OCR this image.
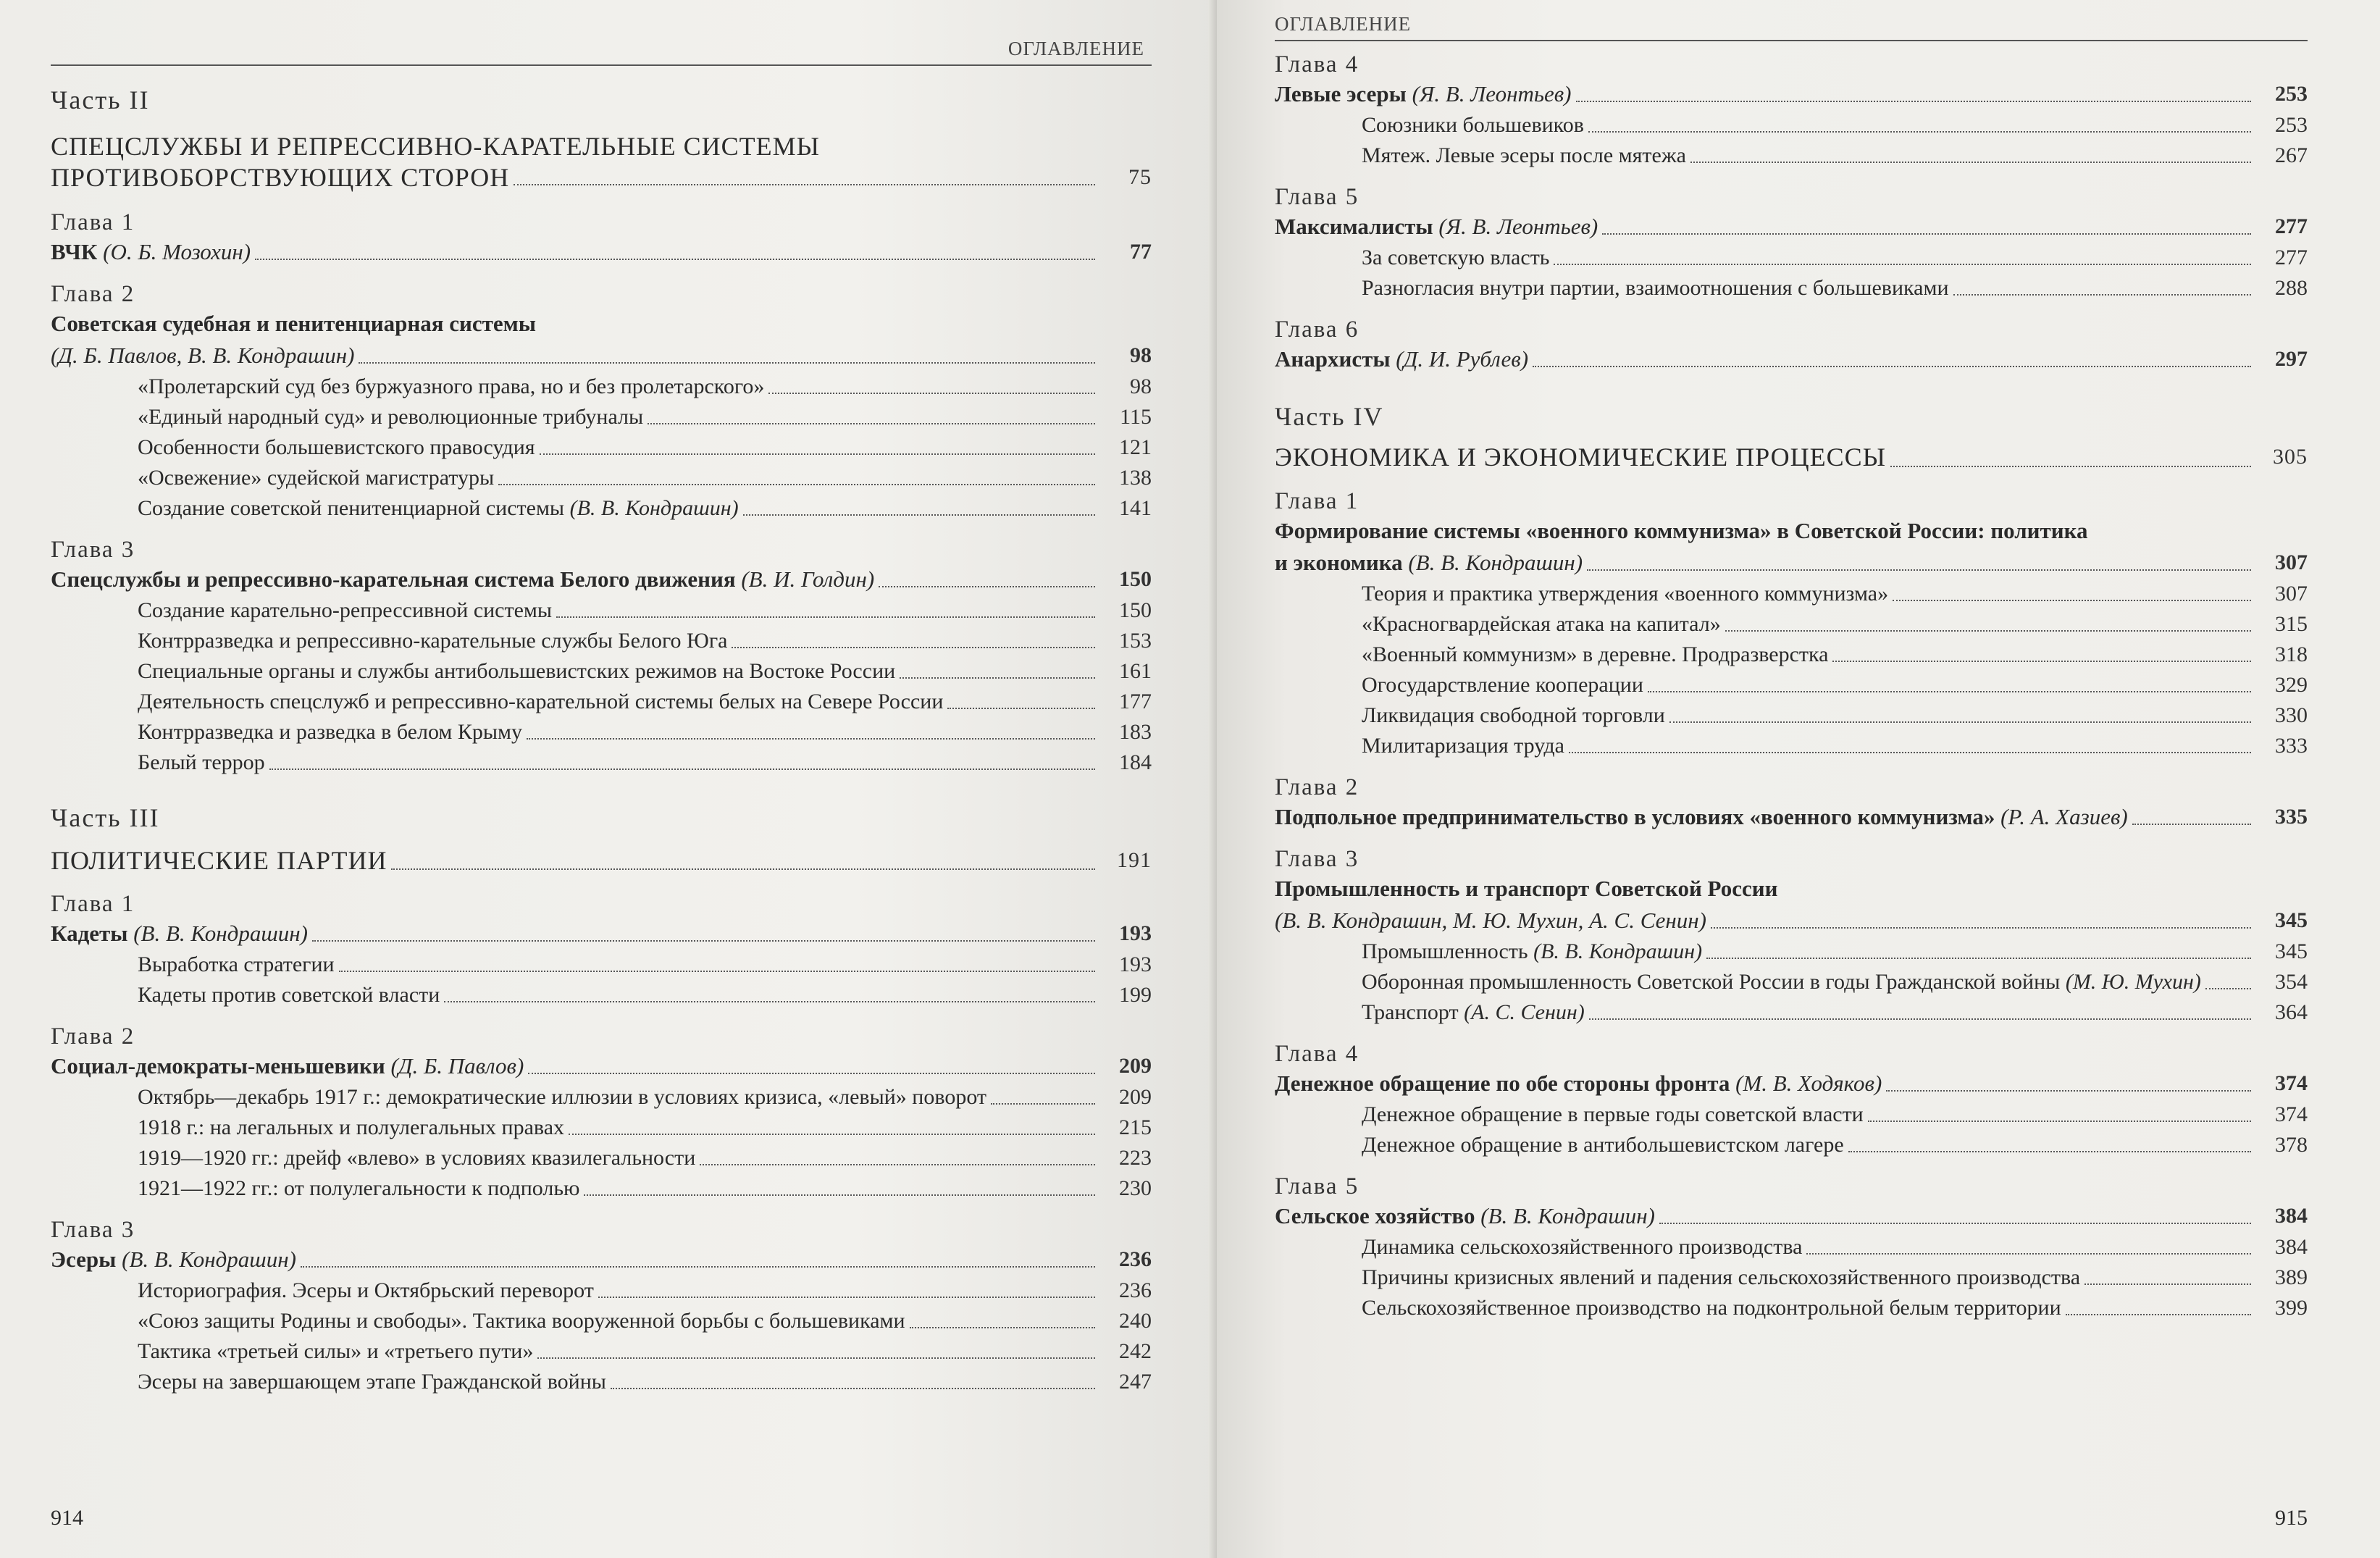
ОГЛАВЛЕНИЕ
Часть II
СПЕЦСЛУЖБЫ И РЕПРЕССИВНО-КАРАТЕЛЬНЫЕ СИСТЕМЫ
ПРОТИВОБОРСТВУЮЩИХ СТОРОН	75
Глава 1
ВЧК (О. Б. Мозохин)	77
Глава 2
Советская судебная и пенитенциарная системы
(Д. Б. Павлов, В. В. Кондрашин)	98
«Пролетарский суд без буржуазного права, но и без пролетарского»	98
«Единый народный суд» и революционные трибуналы	115
Особенности большевистского правосудия	121
«Освежение» судейской магистратуры	138
Создание советской пенитенциарной системы (В. В. Кондрашин)	141
Глава 3
Спецслужбы и репрессивно-карательная система Белого движения (В. И. Голдин)	150
Создание карательно-репрессивной системы	150
Контрразведка и репрессивно-карательные службы Белого Юга	153
Специальные органы и службы антибольшевистских режимов на Востоке России	161
Деятельность спецслужб и репрессивно-карательной системы белых на Севере России	177
Контрразведка и разведка в белом Крыму	183
Белый террор	184
Часть III
ПОЛИТИЧЕСКИЕ ПАРТИИ	191
Глава 1
Кадеты (В. В. Кондрашин)	193
Выработка стратегии	193
Кадеты против советской власти	199
Глава 2
Социал-демократы-меньшевики (Д. Б. Павлов)	209
Октябрь—декабрь 1917 г.: демократические иллюзии в условиях кризиса, «левый» поворот	209
1918 г.: на легальных и полулегальных правах	215
1919—1920 гг.: дрейф «влево» в условиях квазилегальности	223
1921—1922 гг.: от полулегальности к подполью	230
Глава 3
Эсеры (В. В. Кондрашин)	236
Историография. Эсеры и Октябрьский переворот	236
«Союз защиты Родины и свободы». Тактика вооруженной борьбы с большевиками	240
Тактика «третьей силы» и «третьего пути»	242
Эсеры на завершающем этапе Гражданской войны	247
914
ОГЛАВЛЕНИЕ
Глава 4
Левые эсеры (Я. В. Леонтьев)	253
Союзники большевиков	253
Мятеж. Левые эсеры после мятежа	267
Глава 5
Максималисты (Я. В. Леонтьев)	277
За советскую власть	277
Разногласия внутри партии, взаимоотношения с большевиками	288
Глава 6
Анархисты (Д. И. Рублев)	297
Часть IV
ЭКОНОМИКА И ЭКОНОМИЧЕСКИЕ ПРОЦЕССЫ	305
Глава 1
Формирование системы «военного коммунизма» в Советской России: политика
и экономика (В. В. Кондрашин)	307
Теория и практика утверждения «военного коммунизма»	307
«Красногвардейская атака на капитал»	315
«Военный коммунизм» в деревне. Продразверстка	318
Огосударствление кооперации	329
Ликвидация свободной торговли	330
Милитаризация труда	333
Глава 2
Подпольное предпринимательство в условиях «военного коммунизма» (Р. А. Хазиев)	335
Глава 3
Промышленность и транспорт Советской России
(В. В. Кондрашин, М. Ю. Мухин, А. С. Сенин)	345
Промышленность (В. В. Кондрашин)	345
Оборонная промышленность Советской России в годы Гражданской войны (М. Ю. Мухин)	354
Транспорт (А. С. Сенин)	364
Глава 4
Денежное обращение по обе стороны фронта (М. В. Ходяков)	374
Денежное обращение в первые годы советской власти	374
Денежное обращение в антибольшевистском лагере	378
Глава 5
Сельское хозяйство (В. В. Кондрашин)	384
Динамика сельскохозяйственного производства	384
Причины кризисных явлений и падения сельскохозяйственного производства	389
Сельскохозяйственное производство на подконтрольной белым территории	399
915
